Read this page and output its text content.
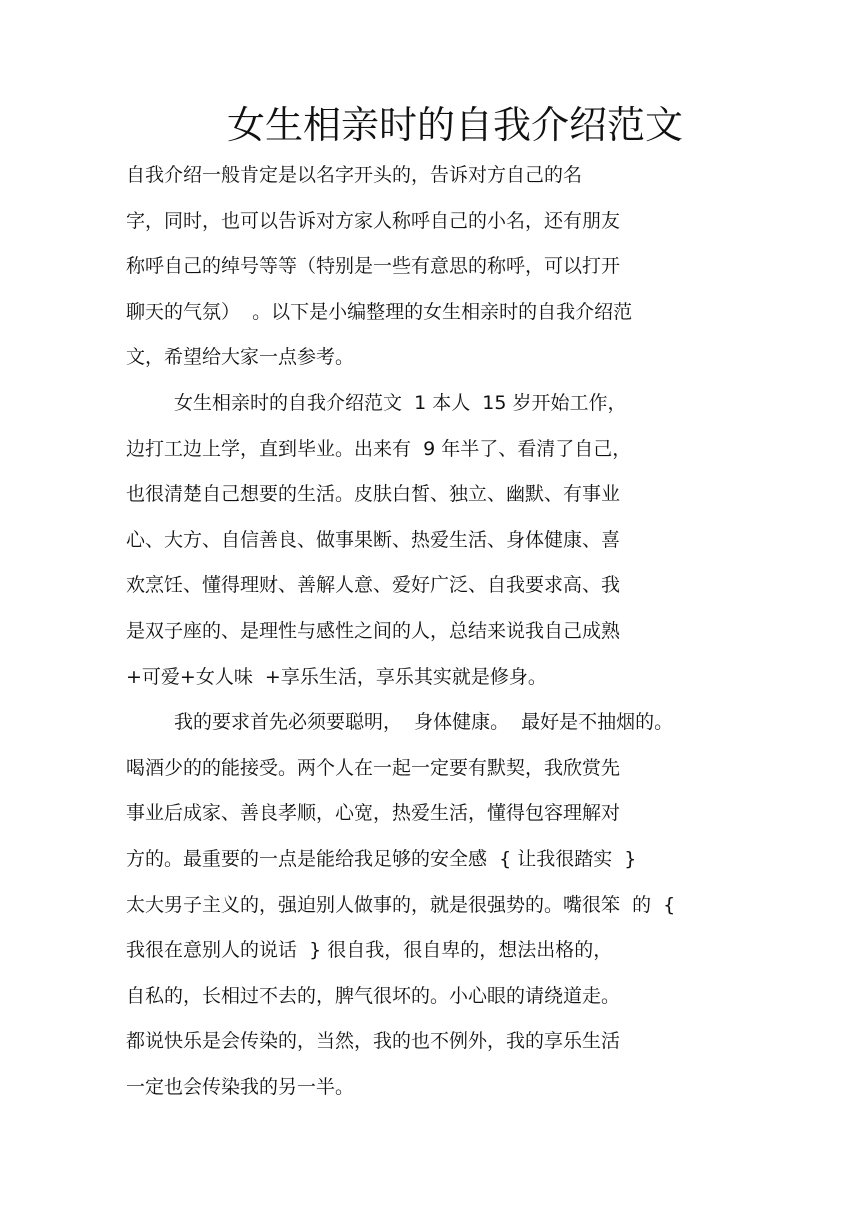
女生相亲时的自我介绍范文
自我介绍一般肯定是以名字开头的，告诉对方自己的名
字，同时，也可以告诉对方家人称呼自己的小名，还有朋友
称呼自己的绰号等等（特别是一些有意思的称呼，可以打开
聊天的气氛）  。以下是小编整理的女生相亲时的自我介绍范
文，希望给大家一点参考。
女生相亲时的自我介绍范文  1 本人  15 岁开始工作，
边打工边上学，直到毕业。出来有  9 年半了、看清了自己，
也很清楚自己想要的生活。皮肤白皙、独立、幽默、有事业
心、大方、自信善良、做事果断、热爱生活、身体健康、喜
欢烹饪、懂得理财、善解人意、爱好广泛、自我要求高、我
是双子座的、是理性与感性之间的人，总结来说我自己成熟
+可爱+女人味  +享乐生活，享乐其实就是修身。
我的要求首先必须要聪明，  身体健康。  最好是不抽烟的。
喝酒少的的能接受。两个人在一起一定要有默契，我欣赏先
事业后成家、善良孝顺，心宽，热爱生活，懂得包容理解对
方的。最重要的一点是能给我足够的安全感  { 让我很踏实  }
太大男子主义的，强迫别人做事的，就是很强势的。嘴很笨  的  {
我很在意别人的说话  } 很自我，很自卑的，想法出格的，
自私的，长相过不去的，脾气很坏的。小心眼的请绕道走。
都说快乐是会传染的，当然，我的也不例外，我的享乐生活
一定也会传染我的另一半。
